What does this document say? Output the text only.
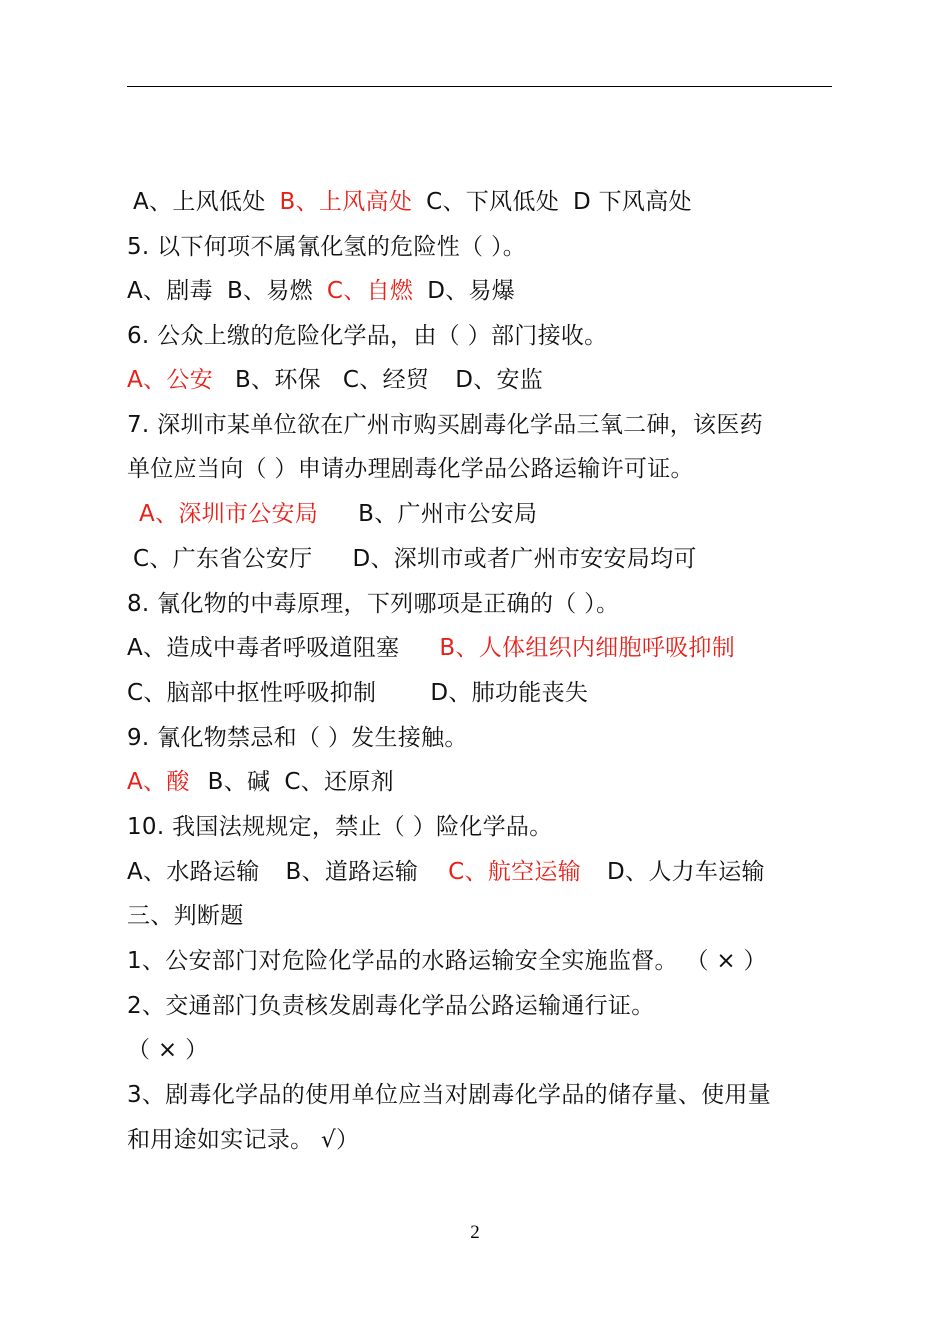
A、上风低处 B、上风高处 C、下风低处 D 下风高处
5. 以下何项不属氰化氢的危险性（ ）。
A、剧毒 B、易燃 C、自燃 D、易爆
6. 公众上缴的危险化学品，由（ ）部门接收。
A、公安 B、环保 C、经贸 D、安监
7. 深圳市某单位欲在广州市购买剧毒化学品三氧二砷，该医药
单位应当向（ ）申请办理剧毒化学品公路运输许可证。
A、深圳市公安局 B、广州市公安局
C、广东省公安厅 D、深圳市或者广州市安安局均可
8. 氰化物的中毒原理，下列哪项是正确的（ ）。
A、造成中毒者呼吸道阻塞 B、人体组织内细胞呼吸抑制
C、脑部中抠性呼吸抑制 D、肺功能丧失
9. 氰化物禁忌和（ ）发生接触。
A、酸 B、碱 C、还原剂
10. 我国法规规定，禁止（ ）险化学品。
A、水路运输 B、道路运输 C、航空运输 D、人力车运输
三、判断题
1、公安部门对危险化学品的水路运输安全实施监督。 （ × ）
2、交通部门负责核发剧毒化学品公路运输通行证。
（ × ）
3、剧毒化学品的使用单位应当对剧毒化学品的储存量、使用量
和用途如实记录。 √）
2
